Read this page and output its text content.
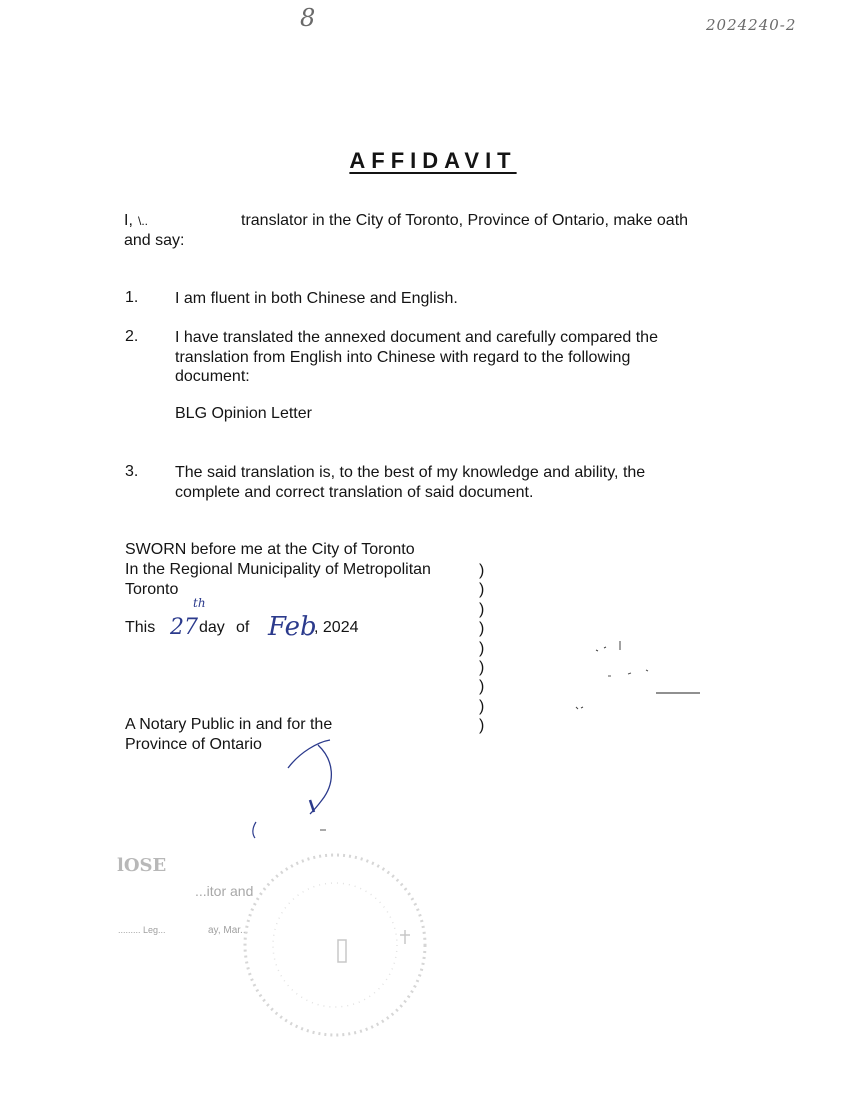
8	2024240-2
AFFIDAVIT
I, \..	translator in the City of Toronto, Province of Ontario, make oath
and say:
1. I am fluent in both Chinese and English.
2. I have translated the annexed document and carefully compared the
translation from English into Chinese with regard to the following
document:
BLG Opinion Letter
3. The said translation is, to the best of my knowledge and ability, the
complete and correct translation of said document.
SWORN before me at the City of Toronto
In the Regional Municipality of Metropolitan
Toronto
This 27
th
day of Feb
, 2024
)
)
)
)
)
)
)
)
)
A Notary Public in and for the
Province of Ontario
lOSE
...itor and
......... Leg...	ay, Mar...
